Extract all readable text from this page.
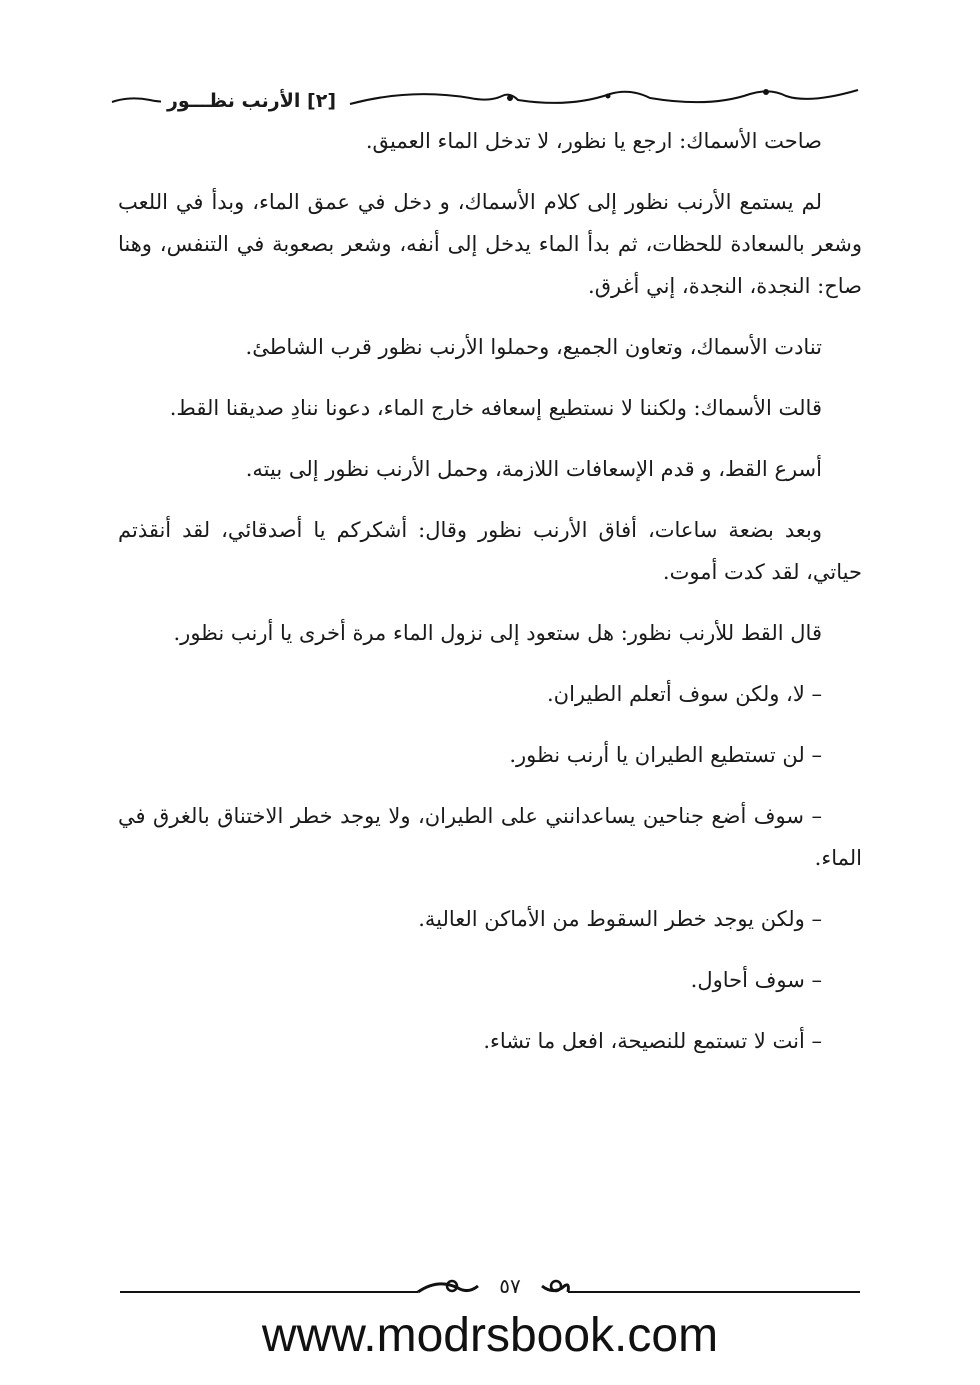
[٢] الأرنب نظـــور

صاحت الأسماك: ارجع يا نظور، لا تدخل الماء العميق.

لم يستمع الأرنب نظور إلى كلام الأسماك، و دخل في عمق الماء، وبدأ في اللعب وشعر بالسعادة للحظات، ثم بدأ الماء يدخل إلى أنفه، وشعر بصعوبة في التنفس، وهنا صاح: النجدة، النجدة، إني أغرق.

تنادت الأسماك، وتعاون الجميع، وحملوا الأرنب نظور قرب الشاطئ.

قالت الأسماك: ولكننا لا نستطيع إسعافه خارج الماء، دعونا ننادِ صديقنا القط.

أسرع القط، و قدم الإسعافات اللازمة، وحمل الأرنب نظور إلى بيته.

وبعد بضعة ساعات، أفاق الأرنب نظور وقال: أشكركم يا أصدقائي، لقد أنقذتم حياتي، لقد كدت أموت.

قال القط للأرنب نظور: هل ستعود إلى نزول الماء مرة أخرى يا أرنب نظور.

– لا، ولكن سوف أتعلم الطيران.

– لن تستطيع الطيران يا أرنب نظور.

– سوف أضع جناحين يساعدانني على الطيران، ولا يوجد خطر الاختناق بالغرق في الماء.

– ولكن يوجد خطر السقوط من الأماكن العالية.

– سوف أحاول.

– أنت لا تستمع للنصيحة، افعل ما تشاء.

٥٧
www.modrsbook.com
